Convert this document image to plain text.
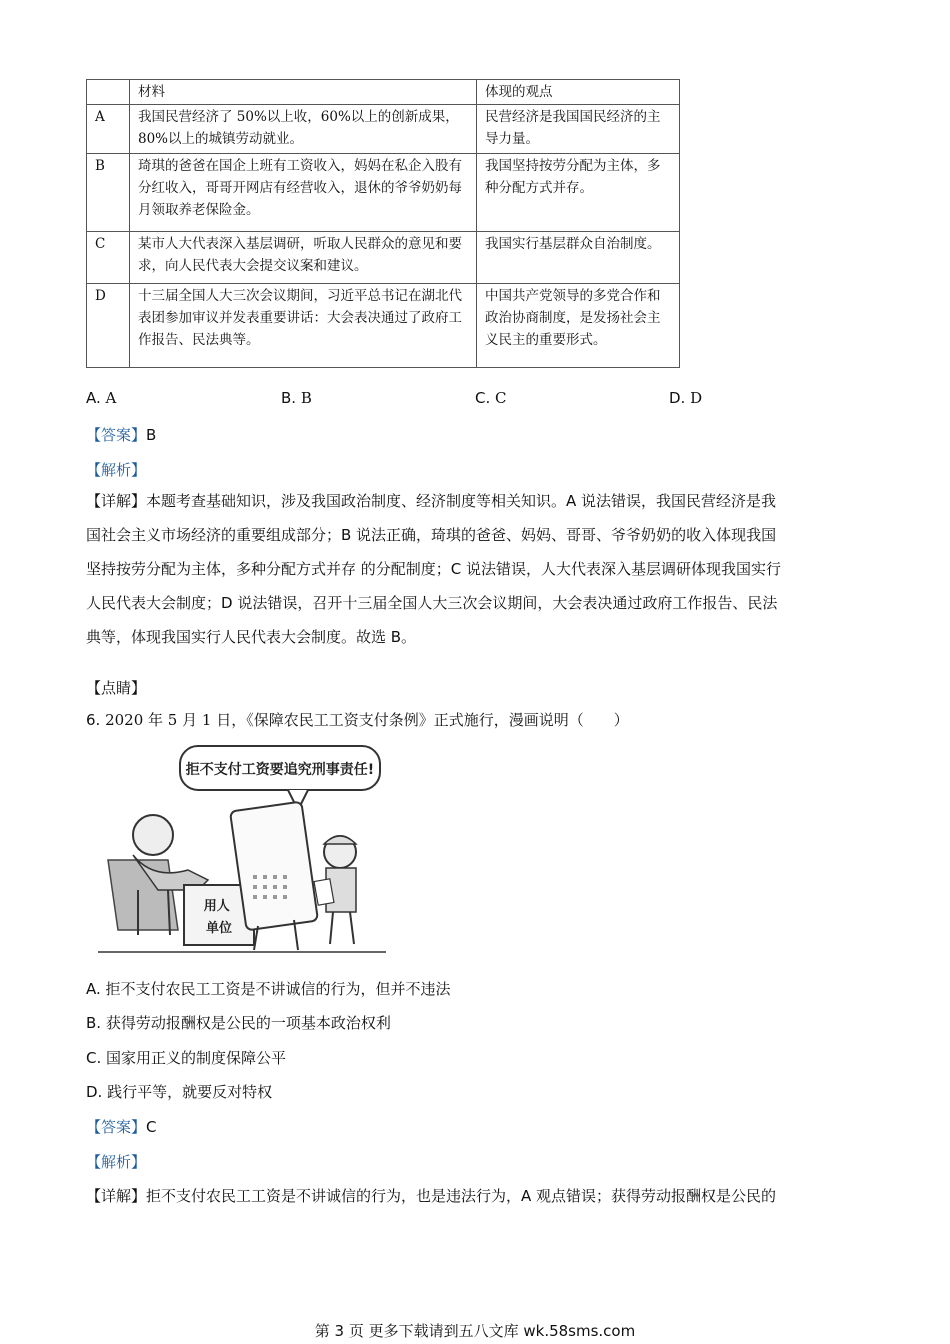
	材料	体现的观点
A	我国民营经济了 50%以上收，60%以上的创新成果，80%以上的城镇劳动就业。	民营经济是我国国民经济的主导力量。
B	琦琪的爸爸在国企上班有工资收入，妈妈在私企入股有分红收入，哥哥开网店有经营收入，退休的爷爷奶奶每月领取养老保险金。	我国坚持按劳分配为主体，多种分配方式并存。
C	某市人大代表深入基层调研，听取人民群众的意见和要求，向人民代表大会提交议案和建议。	我国实行基层群众自治制度。
D	十三届全国人大三次会议期间，习近平总书记在湖北代表团参加审议并发表重要讲话：大会表决通过了政府工作报告、民法典等。	中国共产党领导的多党合作和政治协商制度，是发扬社会主义民主的重要形式。
A. A	B. B	C. C	D. D
【答案】B
【解析】

【详解】本题考查基础知识，涉及我国政治制度、经济制度等相关知识。A 说法错误，我国民营经济是我

国社会主义市场经济的重要组成部分；B 说法正确，琦琪的爸爸、妈妈、哥哥、爷爷奶奶的收入体现我国

坚持按劳分配为主体，多种分配方式并存 的分配制度；C 说法错误，人大代表深入基层调研体现我国实行

人民代表大会制度；D 说法错误，召开十三届全国人大三次会议期间，大会表决通过政府工作报告、民法

典等，体现我国实行人民代表大会制度。故选 B。

【点睛】
6. 2020 年 5 月 1 日，《保障农民工工资支付条例》正式施行，漫画说明（　　）
拒不支付工资要追究刑事责任!
用人 单位
A. 拒不支付农民工工资是不讲诚信的行为，但并不违法
B. 获得劳动报酬权是公民的一项基本政治权利
C. 国家用正义的制度保障公平
D. 践行平等，就要反对特权
【答案】C
【解析】
【详解】拒不支付农民工工资是不讲诚信的行为，也是违法行为，A 观点错误；获得劳动报酬权是公民的
第 3 页 更多下载请到五八文库 wk.58sms.com
